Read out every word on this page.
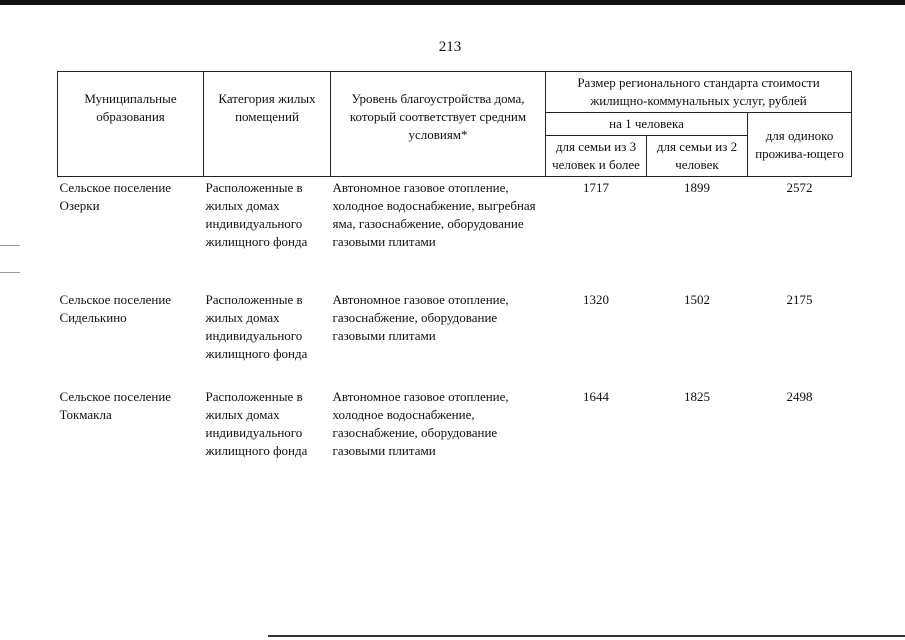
213
Муниципальные образования	Категория жилых помещений	Уровень благоустройства дома, который соответствует средним условиям*	Размер регионального стандарта стоимости жилищно-коммунальных услуг, рублей		
			на 1 человека		для одиноко прожива-ющего
			для семьи из 3 человек и более	для семьи из 2 человек	
Сельское поселение Озерки	Расположенные в жилых домах индивидуального жилищного фонда	Автономное газовое отопление, холодное водоснабжение, выгребная яма, газоснабжение, оборудование газовыми плитами	1717	1899	2572
Сельское поселение Сиделькино	Расположенные в жилых домах индивидуального жилищного фонда	Автономное газовое отопление, газоснабжение, оборудование газовыми плитами	1320	1502	2175
Сельское поселение Токмакла	Расположенные в жилых домах индивидуального жилищного фонда	Автономное газовое отопление, холодное водоснабжение, газоснабжение, оборудование газовыми плитами	1644	1825	2498
